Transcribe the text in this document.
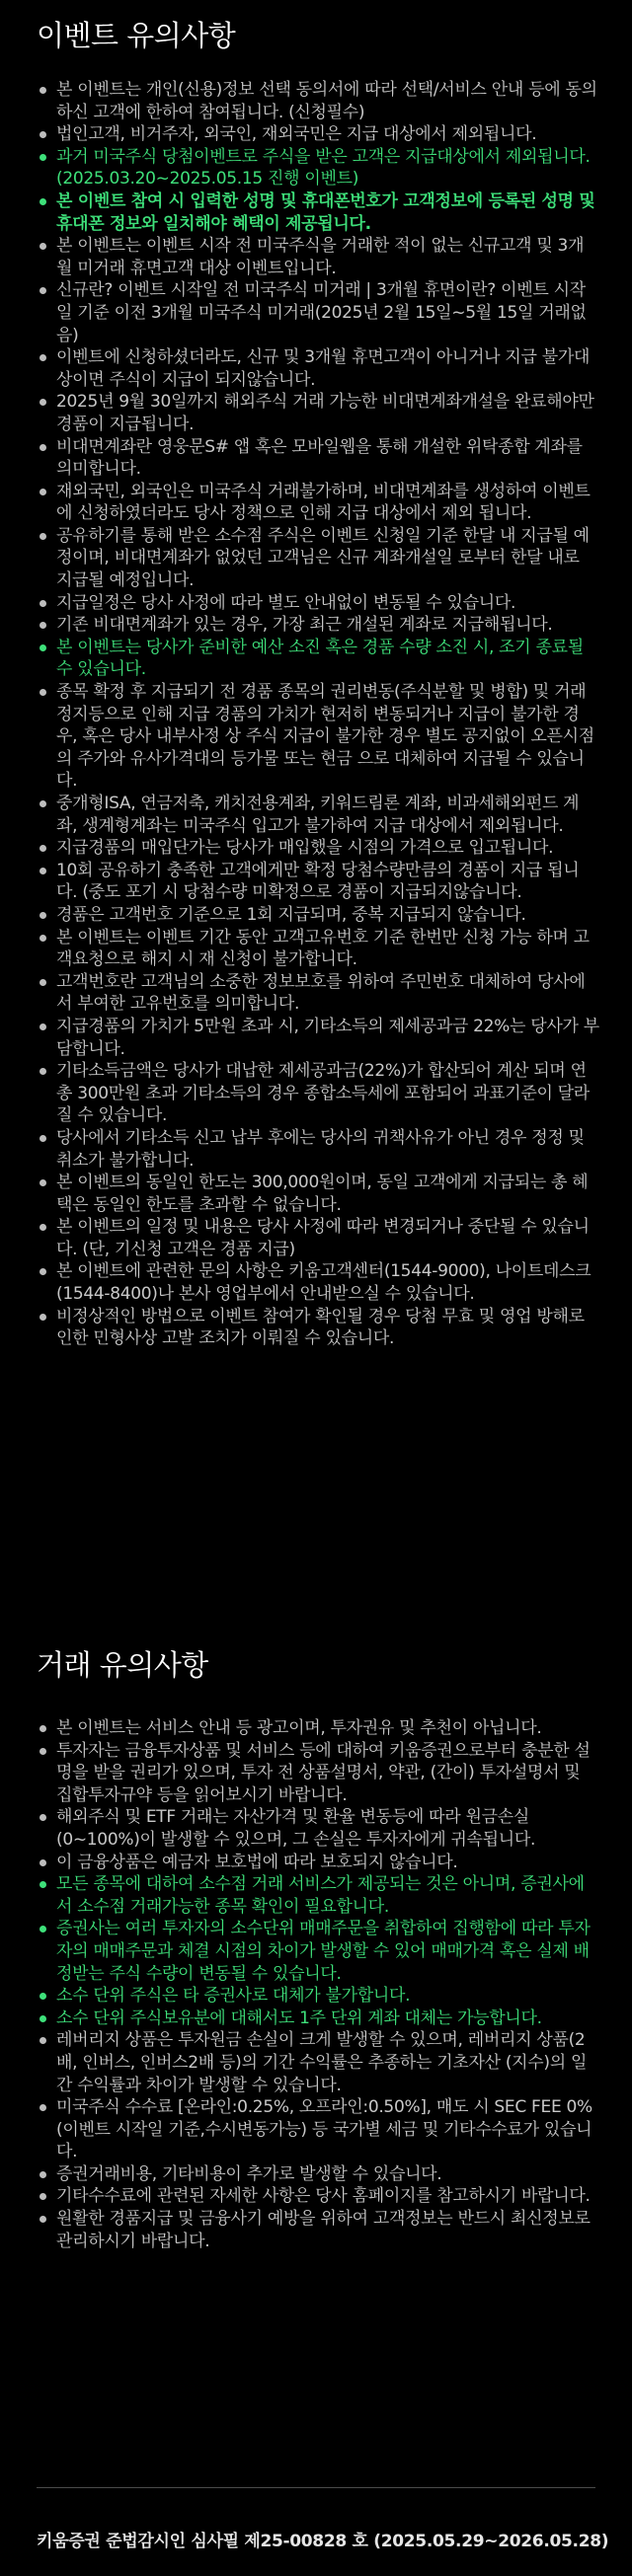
이벤트 유의사항
본 이벤트는 개인(신용)정보 선택 동의서에 따라 선택/서비스 안내 등에 동의하신 고객에 한하여 참여됩니다. (신청필수)
법인고객, 비거주자, 외국인, 재외국민은 지급 대상에서 제외됩니다.
과거 미국주식 당첨이벤트로 주식을 받은 고객은 지급대상에서 제외됩니다. (2025.03.20~2025.05.15 진행 이벤트)
본 이벤트 참여 시 입력한 성명 및 휴대폰번호가 고객정보에 등록된 성명 및 휴대폰 정보와 일치해야 혜택이 제공됩니다.
본 이벤트는 이벤트 시작 전 미국주식을 거래한 적이 없는 신규고객 및 3개월 미거래 휴면고객 대상 이벤트입니다.
신규란? 이벤트 시작일 전 미국주식 미거래 | 3개월 휴면이란? 이벤트 시작일 기준 이전 3개월 미국주식 미거래(2025년 2월 15일~5월 15일 거래없음)
이벤트에 신청하셨더라도, 신규 및 3개월 휴면고객이 아니거나 지급 불가대상이면 주식이 지급이 되지않습니다.
2025년 9월 30일까지 해외주식 거래 가능한 비대면계좌개설을 완료해야만 경품이 지급됩니다.
비대면계좌란 영웅문S# 앱 혹은 모바일웹을 통해 개설한 위탁종합 계좌를 의미합니다.
재외국민, 외국인은 미국주식 거래불가하며, 비대면계좌를 생성하여 이벤트에 신청하였더라도 당사 정책으로 인해 지급 대상에서 제외 됩니다.
공유하기를 통해 받은 소수점 주식은 이벤트 신청일 기준 한달 내 지급될 예정이며, 비대면계좌가 없었던 고객님은 신규 계좌개설일 로부터 한달 내로 지급될 예정입니다.
지급일정은 당사 사정에 따라 별도 안내없이 변동될 수 있습니다.
기존 비대면계좌가 있는 경우, 가장 최근 개설된 계좌로 지급해됩니다.
본 이벤트는 당사가 준비한 예산 소진 혹은 경품 수량 소진 시, 조기 종료될 수 있습니다.
종목 확정 후 지급되기 전 경품 종목의 권리변동(주식분할 및 병합) 및 거래정지등으로 인해 지급 경품의 가치가 현저히 변동되거나 지급이 불가한 경우, 혹은 당사 내부사정 상 주식 지급이 불가한 경우 별도 공지없이 오픈시점의 주가와 유사가격대의 등가물 또는 현금 으로 대체하여 지급될 수 있습니다.
중개형ISA, 연금저축, 캐치전용계좌, 키워드림론 계좌, 비과세해외펀드 계좌, 생계형계좌는 미국주식 입고가 불가하여 지급 대상에서 제외됩니다.
지급경품의 매입단가는 당사가 매입했을 시점의 가격으로 입고됩니다.
10회 공유하기 충족한 고객에게만 확정 당첨수량만큼의 경품이 지급 됩니다. (중도 포기 시 당첨수량 미확정으로 경품이 지급되지않습니다.
경품은 고객번호 기준으로 1회 지급되며, 중복 지급되지 않습니다.
본 이벤트는 이벤트 기간 동안 고객고유번호 기준 한번만 신청 가능 하며 고객요청으로 해지 시 재 신청이 불가합니다.
고객번호란 고객님의 소중한 정보보호를 위하여 주민번호 대체하여 당사에서 부여한 고유번호를 의미합니다.
지급경품의 가치가 5만원 초과 시, 기타소득의 제세공과금 22%는 당사가 부담합니다.
기타소득금액은 당사가 대납한 제세공과금(22%)가 합산되어 계산 되며 연 총 300만원 초과 기타소득의 경우 종합소득세에 포함되어 과표기준이 달라질 수 있습니다.
당사에서 기타소득 신고 납부 후에는 당사의 귀책사유가 아닌 경우 정정 및 취소가 불가합니다.
본 이벤트의 동일인 한도는 300,000원이며, 동일 고객에게 지급되는 총 혜택은 동일인 한도를 초과할 수 없습니다.
본 이벤트의 일정 및 내용은 당사 사정에 따라 변경되거나 중단될 수 있습니다. (단, 기신청 고객은 경품 지급)
본 이벤트에 관련한 문의 사항은 키움고객센터(1544-9000), 나이트데스크(1544-8400)나 본사 영업부에서 안내받으실 수 있습니다.
비정상적인 방법으로 이벤트 참여가 확인될 경우 당첨 무효 및 영업 방해로 인한 민형사상 고발 조치가 이뤄질 수 있습니다.
거래 유의사항
본 이벤트는 서비스 안내 등 광고이며, 투자권유 및 추천이 아닙니다.
투자자는 금융투자상품 및 서비스 등에 대하여 키움증권으로부터 충분한 설명을 받을 권리가 있으며, 투자 전 상품설명서, 약관, (간이) 투자설명서 및 집합투자규약 등을 읽어보시기 바랍니다.
해외주식 및 ETF 거래는 자산가격 및 환율 변동등에 따라 원금손실 (0~100%)이 발생할 수 있으며, 그 손실은 투자자에게 귀속됩니다.
이 금융상품은 예금자 보호법에 따라 보호되지 않습니다.
모든 종목에 대하여 소수점 거래 서비스가 제공되는 것은 아니며, 증권사에서 소수점 거래가능한 종목 확인이 필요합니다.
증권사는 여러 투자자의 소수단위 매매주문을 취합하여 집행함에 따라 투자자의 매매주문과 체결 시점의 차이가 발생할 수 있어 매매가격 혹은 실제 배정받는 주식 수량이 변동될 수 있습니다.
소수 단위 주식은 타 증권사로 대체가 불가합니다.
소수 단위 주식보유분에 대해서도 1주 단위 계좌 대체는 가능합니다.
레버리지 상품은 투자원금 손실이 크게 발생할 수 있으며, 레버리지 상품(2배, 인버스, 인버스2배 등)의 기간 수익률은 추종하는 기초자산 (지수)의 일간 수익률과 차이가 발생할 수 있습니다.
미국주식 수수료 [온라인:0.25%, 오프라인:0.50%], 매도 시 SEC FEE 0% (이벤트 시작일 기준,수시변동가능) 등 국가별 세금 및 기타수수료가 있습니다.
증권거래비용, 기타비용이 추가로 발생할 수 있습니다.
기타수수료에 관련된 자세한 사항은 당사 홈페이지를 참고하시기 바랍니다.
원활한 경품지급 및 금융사기 예방을 위하여 고객정보는 반드시 최신정보로 관리하시기 바랍니다.
키움증권 준법감시인 심사필 제25-00828 호 (2025.05.29~2026.05.28)
